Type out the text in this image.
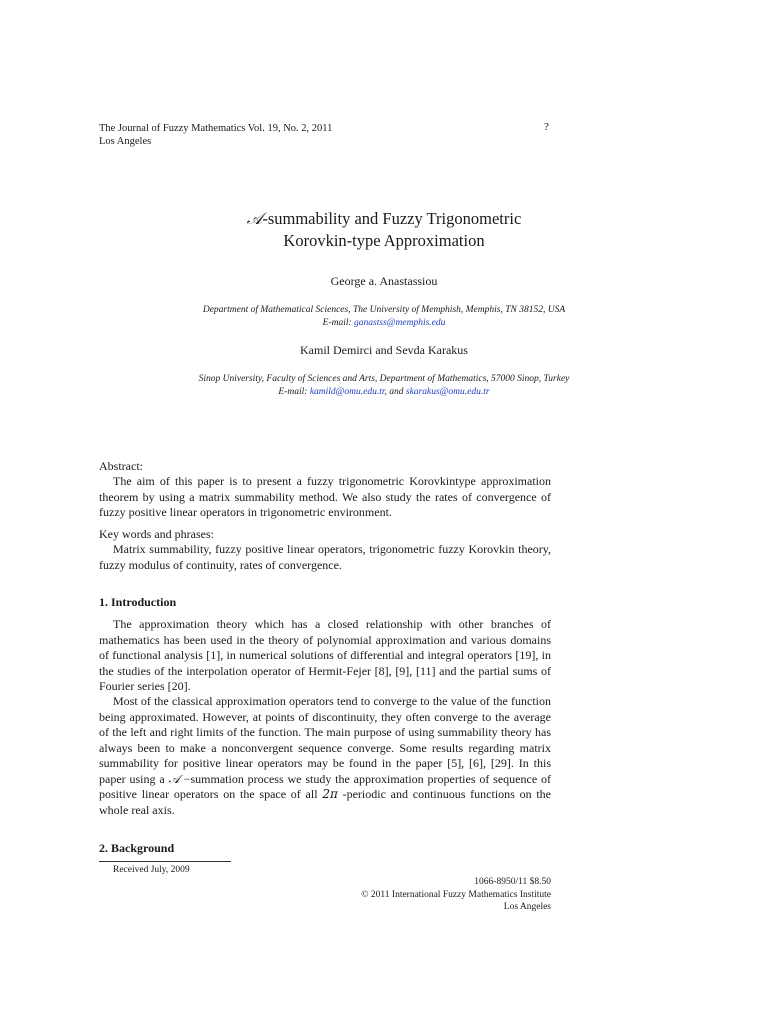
The Journal of Fuzzy Mathematics Vol. 19, No. 2, 2011
Los Angeles
?
𝒜-summability and Fuzzy Trigonometric
Korovkin-type Approximation
George a. Anastassiou
Department of Mathematical Sciences, The University of Memphish, Memphis, TN 38152, USA
E-mail: ganastss@memphis.edu
Kamil Demirci and Sevda Karakus
Sinop University, Faculty of Sciences and Arts, Department of Mathematics, 57000 Sinop, Turkey
E-mail: kamild@omu.edu.tr, and skarakus@omu.edu.tr
Abstract:
The aim of this paper is to present a fuzzy trigonometric Korovkintype approximation theorem by using a matrix summability method. We also study the rates of convergence of fuzzy positive linear operators in trigonometric environment.
Key words and phrases:
Matrix summability, fuzzy positive linear operators, trigonometric fuzzy Korovkin theory, fuzzy modulus of continuity, rates of convergence.
1. Introduction
The approximation theory which has a closed relationship with other branches of mathematics has been used in the theory of polynomial approximation and various domains of functional analysis [1], in numerical solutions of differential and integral operators [19], in the studies of the interpolation operator of Hermit-Fejer [8], [9], [11] and the partial sums of Fourier series [20].
Most of the classical approximation operators tend to converge to the value of the function being approximated. However, at points of discontinuity, they often converge to the average of the left and right limits of the function. The main purpose of using summability theory has always been to make a nonconvergent sequence converge. Some results regarding matrix summability for positive linear operators may be found in the paper [5], [6], [29]. In this paper using a 𝒜 −summation process we study the approximation properties of sequence of positive linear operators on the space of all 2π -periodic and continuous functions on the whole real axis.
2. Background
Received July, 2009
1066-8950/11 $8.50
© 2011 International Fuzzy Mathematics Institute
Los Angeles
